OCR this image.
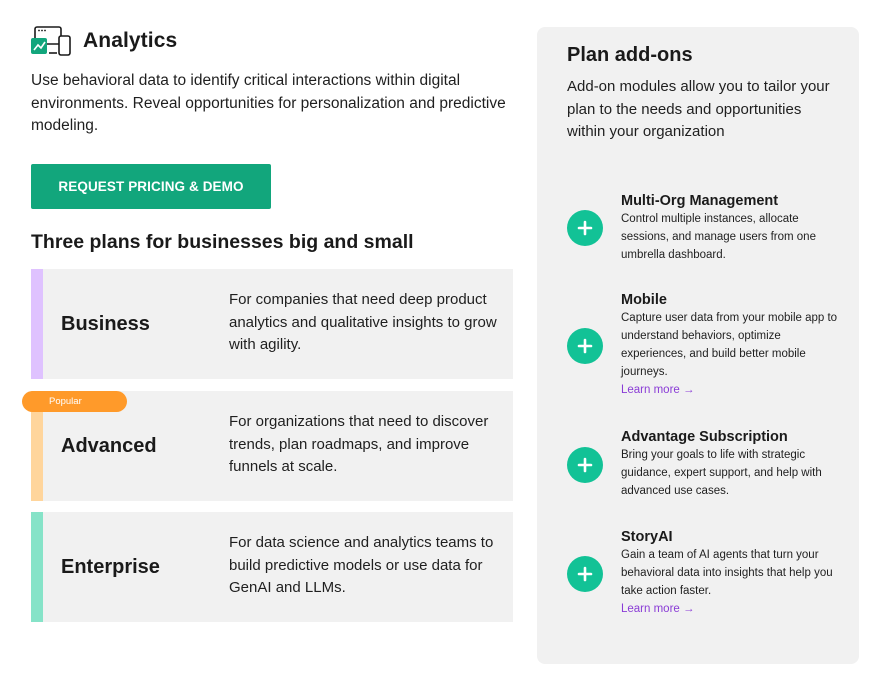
Analytics

Use behavioral data to identify critical interactions within digital environments. Reveal opportunities for personalization and predictive modeling.

REQUEST PRICING & DEMO
Three plans for businesses big and small
Business

For companies that need deep product analytics and qualitative insights to grow with agility.

Advanced

For organizations that need to discover trends, plan roadmaps, and improve funnels at scale.

Popular
Enterprise

For data science and analytics teams to build predictive models or use data for GenAI and LLMs.

Plan add-ons

Add-on modules allow you to tailor your plan to the needs and opportunities within your organization

Multi-Org Management

Control multiple instances, allocate sessions, and manage users from one umbrella dashboard.

Mobile

Capture user data from your mobile app to understand behaviors, optimize experiences, and build better mobile journeys.

Learn more →
Advantage Subscription

Bring your goals to life with strategic guidance, expert support, and help with advanced use cases.

StoryAI

Gain a team of AI agents that turn your behavioral data into insights that help you take action faster.

Learn more →
